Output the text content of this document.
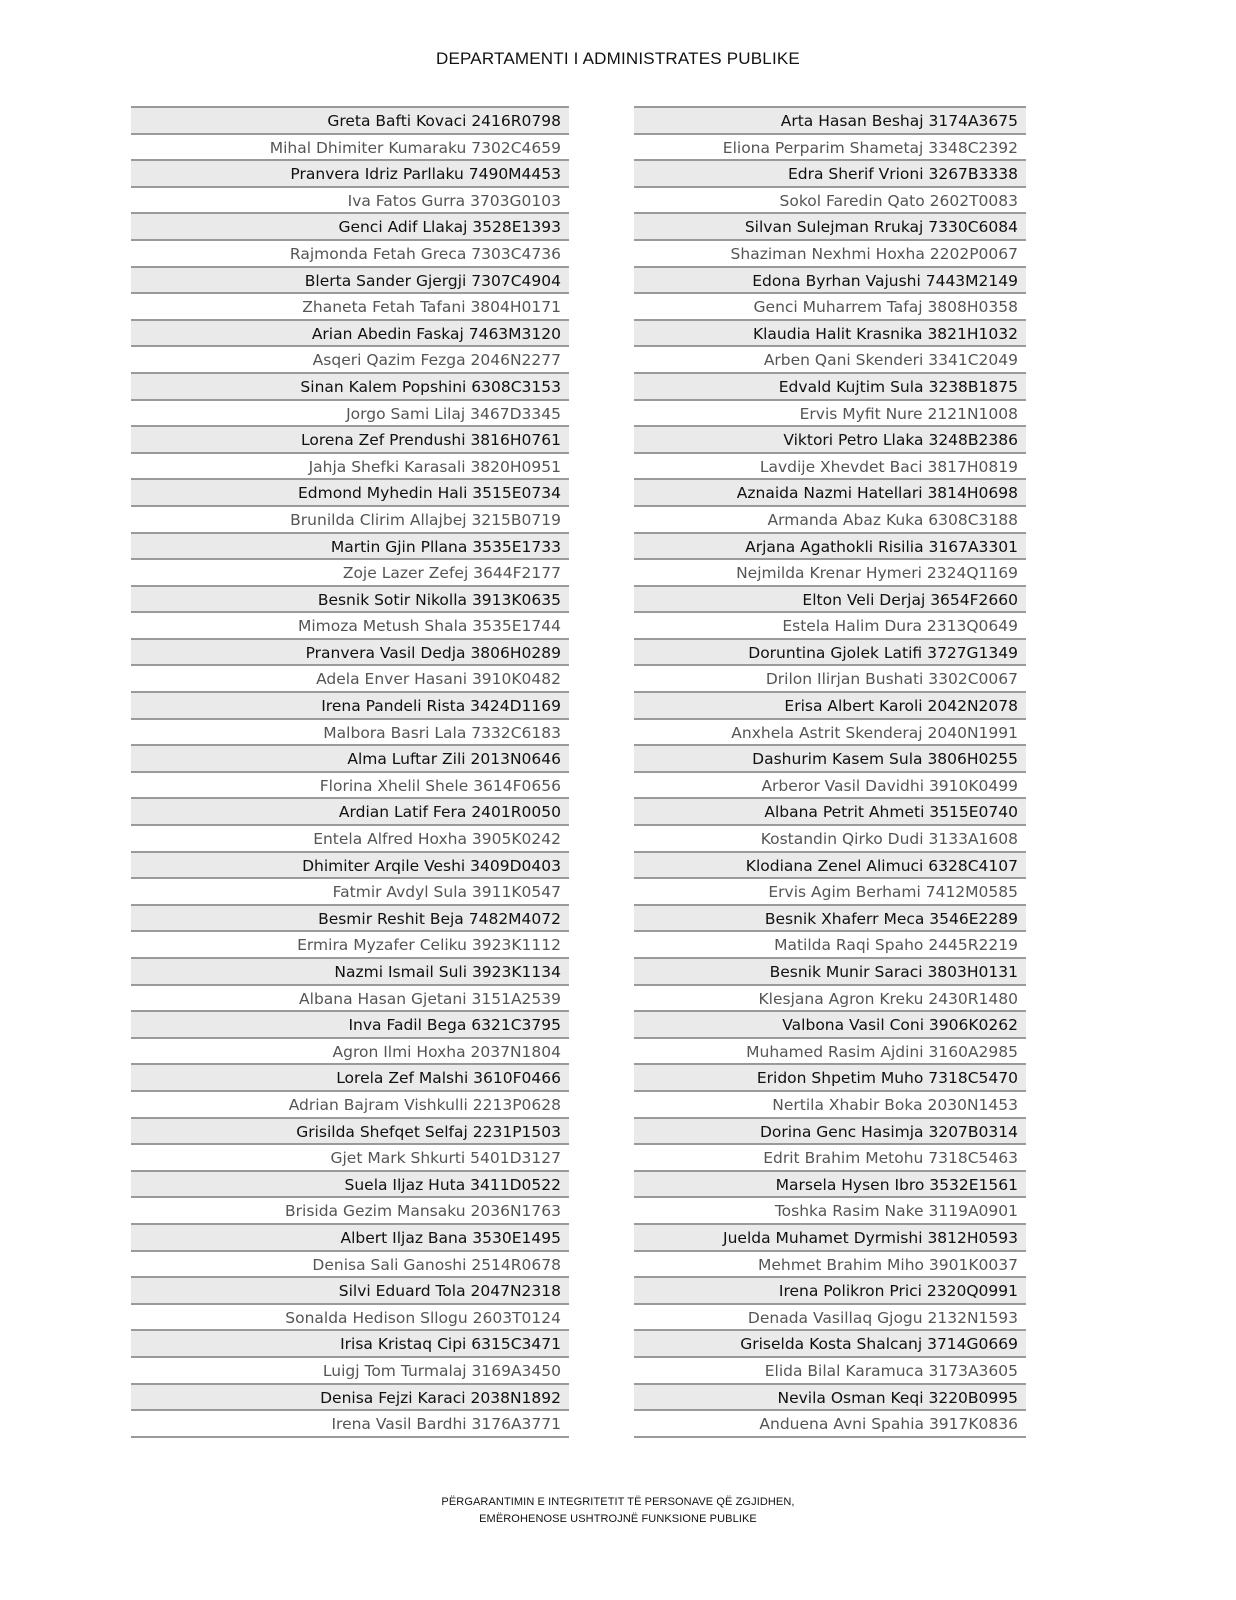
DEPARTAMENTI I ADMINISTRATES PUBLIKE
Greta Bafti Kovaci 2416R0798
Mihal Dhimiter Kumaraku 7302C4659
Pranvera Idriz Parllaku 7490M4453
Iva Fatos Gurra 3703G0103
Genci Adif Llakaj 3528E1393
Rajmonda Fetah Greca 7303C4736
Blerta Sander Gjergji 7307C4904
Zhaneta Fetah Tafani 3804H0171
Arian Abedin Faskaj 7463M3120
Asqeri Qazim Fezga 2046N2277
Sinan Kalem Popshini 6308C3153
Jorgo Sami Lilaj 3467D3345
Lorena Zef Prendushi 3816H0761
Jahja Shefki Karasali 3820H0951
Edmond Myhedin Hali 3515E0734
Brunilda Clirim Allajbej 3215B0719
Martin Gjin Pllana 3535E1733
Zoje Lazer Zefej 3644F2177
Besnik Sotir Nikolla 3913K0635
Mimoza Metush Shala 3535E1744
Pranvera Vasil Dedja 3806H0289
Adela Enver Hasani 3910K0482
Irena Pandeli Rista 3424D1169
Malbora Basri Lala 7332C6183
Alma Luftar Zili 2013N0646
Florina Xhelil Shele 3614F0656
Ardian Latif Fera 2401R0050
Entela Alfred Hoxha 3905K0242
Dhimiter Arqile Veshi 3409D0403
Fatmir Avdyl Sula 3911K0547
Besmir Reshit Beja 7482M4072
Ermira Myzafer Celiku 3923K1112
Nazmi Ismail Suli 3923K1134
Albana Hasan Gjetani 3151A2539
Inva Fadil Bega 6321C3795
Agron Ilmi Hoxha 2037N1804
Lorela Zef Malshi 3610F0466
Adrian Bajram Vishkulli 2213P0628
Grisilda Shefqet Selfaj 2231P1503
Gjet Mark Shkurti 5401D3127
Suela Iljaz Huta 3411D0522
Brisida Gezim Mansaku 2036N1763
Albert Iljaz Bana 3530E1495
Denisa Sali Ganoshi 2514R0678
Silvi Eduard Tola 2047N2318
Sonalda Hedison Sllogu 2603T0124
Irisa Kristaq Cipi 6315C3471
Luigj Tom Turmalaj 3169A3450
Denisa Fejzi Karaci 2038N1892
Irena Vasil Bardhi 3176A3771
Arta Hasan Beshaj 3174A3675
Eliona Perparim Shametaj 3348C2392
Edra Sherif Vrioni 3267B3338
Sokol Faredin Qato 2602T0083
Silvan Sulejman Rrukaj 7330C6084
Shaziman Nexhmi Hoxha 2202P0067
Edona Byrhan Vajushi 7443M2149
Genci Muharrem Tafaj 3808H0358
Klaudia Halit Krasnika 3821H1032
Arben Qani Skenderi 3341C2049
Edvald Kujtim Sula 3238B1875
Ervis Myfit Nure 2121N1008
Viktori Petro Llaka 3248B2386
Lavdije Xhevdet Baci 3817H0819
Aznaida Nazmi Hatellari 3814H0698
Armanda Abaz Kuka 6308C3188
Arjana Agathokli Risilia 3167A3301
Nejmilda Krenar Hymeri 2324Q1169
Elton Veli Derjaj 3654F2660
Estela Halim Dura 2313Q0649
Doruntina Gjolek Latifi 3727G1349
Drilon Ilirjan Bushati 3302C0067
Erisa Albert Karoli 2042N2078
Anxhela Astrit Skenderaj 2040N1991
Dashurim Kasem Sula 3806H0255
Arberor Vasil Davidhi 3910K0499
Albana Petrit Ahmeti 3515E0740
Kostandin Qirko Dudi 3133A1608
Klodiana Zenel Alimuci 6328C4107
Ervis Agim Berhami 7412M0585
Besnik Xhaferr Meca 3546E2289
Matilda Raqi Spaho 2445R2219
Besnik Munir Saraci 3803H0131
Klesjana Agron Kreku 2430R1480
Valbona Vasil Coni 3906K0262
Muhamed Rasim Ajdini 3160A2985
Eridon Shpetim Muho 7318C5470
Nertila Xhabir Boka 2030N1453
Dorina Genc Hasimja 3207B0314
Edrit Brahim Metohu 7318C5463
Marsela Hysen Ibro 3532E1561
Toshka Rasim Nake 3119A0901
Juelda Muhamet Dyrmishi 3812H0593
Mehmet Brahim Miho 3901K0037
Irena Polikron Prici 2320Q0991
Denada Vasillaq Gjogu 2132N1593
Griselda Kosta Shalcanj 3714G0669
Elida Bilal Karamuca 3173A3605
Nevila Osman Keqi 3220B0995
Anduena Avni Spahia 3917K0836
PËRGARANTIMIN E INTEGRITETIT TË PERSONAVE QË ZGJIDHEN,
EMËROHENOSE USHTROJNË FUNKSIONE PUBLIKE
